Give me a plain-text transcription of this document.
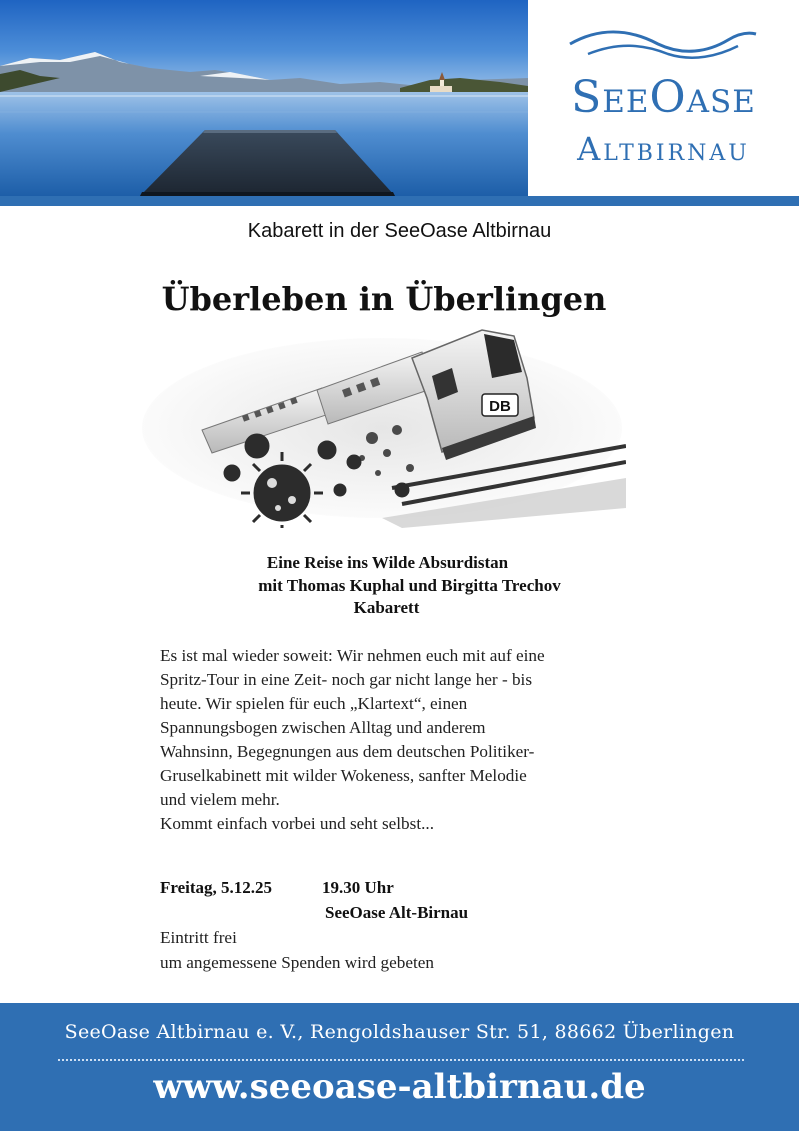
SeeOase
Altbirnau
Kabarett in der SeeOase Altbirnau
DB
Überleben in Überlingen
Eine Reise ins Wilde Absurdistan
mit Thomas Kuphal und Birgitta Trechov
Kabarett

Es ist mal wieder soweit: Wir nehmen euch mit auf eine

Spritz-Tour in eine Zeit- noch gar nicht lange her - bis

heute. Wir spielen für euch „Klartext“, einen

Spannungsbogen zwischen Alltag und anderem

Wahnsinn, Begegnungen aus dem deutschen Politiker-

Gruselkabinett mit wilder Wokeness, sanfter Melodie

und vielem mehr.

Kommt einfach vorbei und seht selbst...

Freitag, 5.12.25	19.30 Uhr
SeeOase Alt-Birnau
Eintritt frei
um angemessene Spenden wird gebeten
SeeOase Altbirnau e. V., Rengoldshauser Str. 51, 88662 Überlingen
www.seeoase-altbirnau.de
